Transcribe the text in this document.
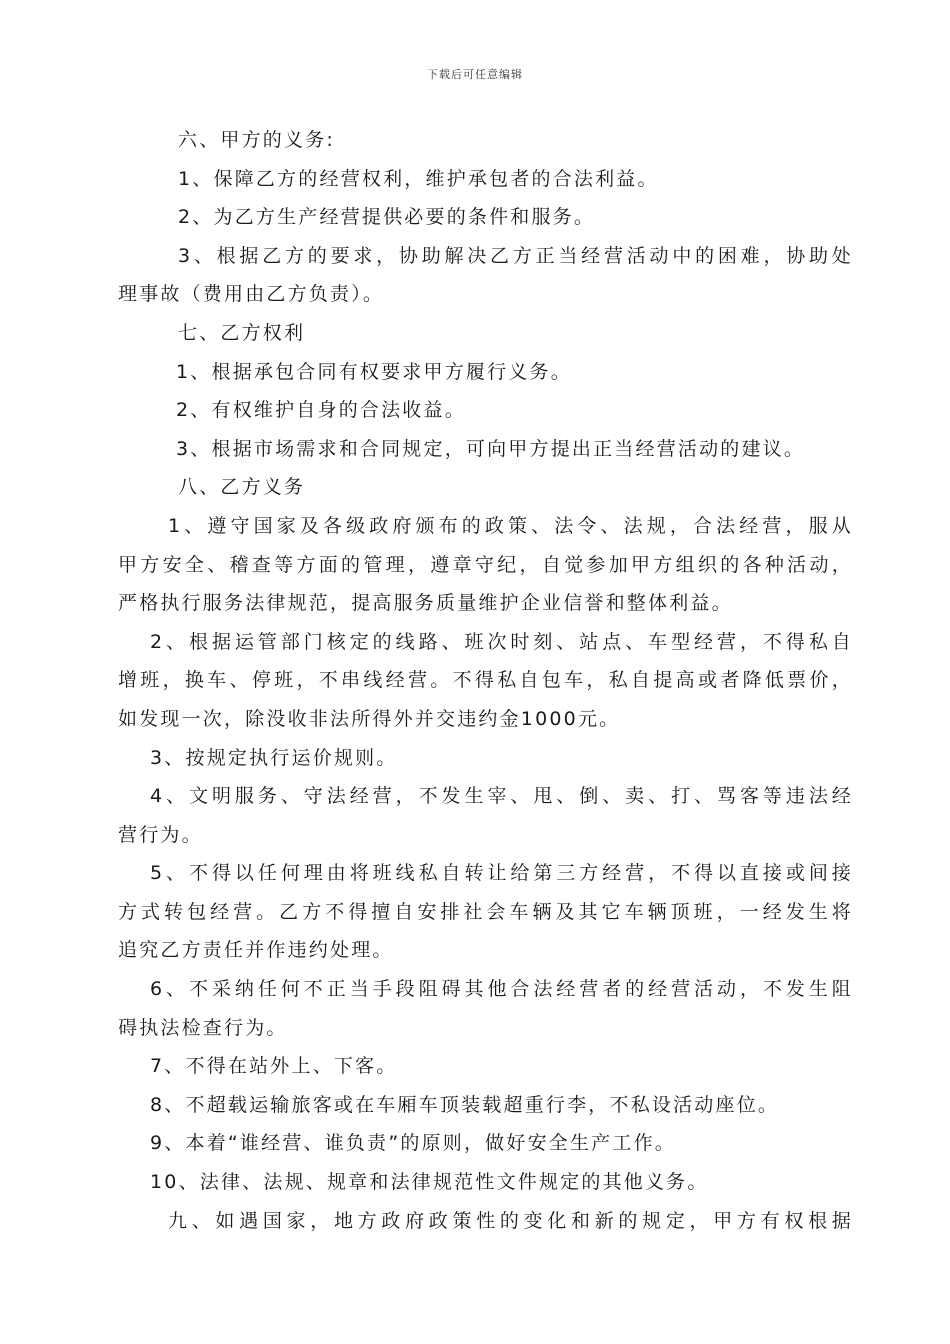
下载后可任意编辑
六、甲方的义务:
1、保障乙方的经营权利，维护承包者的合法利益。
2、为乙方生产经营提供必要的条件和服务。
3、根据乙方的要求，协助解决乙方正当经营活动中的困难，协助处
理事故（费用由乙方负责）。
七、乙方权利
1、根据承包合同有权要求甲方履行义务。
2、有权维护自身的合法收益。
3、根据市场需求和合同规定，可向甲方提出正当经营活动的建议。
八、乙方义务
1、遵守国家及各级政府颁布的政策、法令、法规，合法经营，服从
甲方安全、稽查等方面的管理，遵章守纪，自觉参加甲方组织的各种活动，
严格执行服务法律规范，提高服务质量维护企业信誉和整体利益。
2、根据运管部门核定的线路、班次时刻、站点、车型经营，不得私自
增班，换车、停班，不串线经营。不得私自包车，私自提高或者降低票价，
如发现一次，除没收非法所得外并交违约金1000元。
3、按规定执行运价规则。
4、文明服务、守法经营，不发生宰、甩、倒、卖、打、骂客等违法经
营行为。
5、不得以任何理由将班线私自转让给第三方经营，不得以直接或间接
方式转包经营。乙方不得擅自安排社会车辆及其它车辆顶班，一经发生将
追究乙方责任并作违约处理。
6、不采纳任何不正当手段阻碍其他合法经营者的经营活动，不发生阻
碍执法检查行为。
7、不得在站外上、下客。
8、不超载运输旅客或在车厢车顶装载超重行李，不私设活动座位。
9、本着“谁经营、谁负责”的原则，做好安全生产工作。
10、法律、法规、规章和法律规范性文件规定的其他义务。
九、如遇国家，地方政府政策性的变化和新的规定，甲方有权根据
